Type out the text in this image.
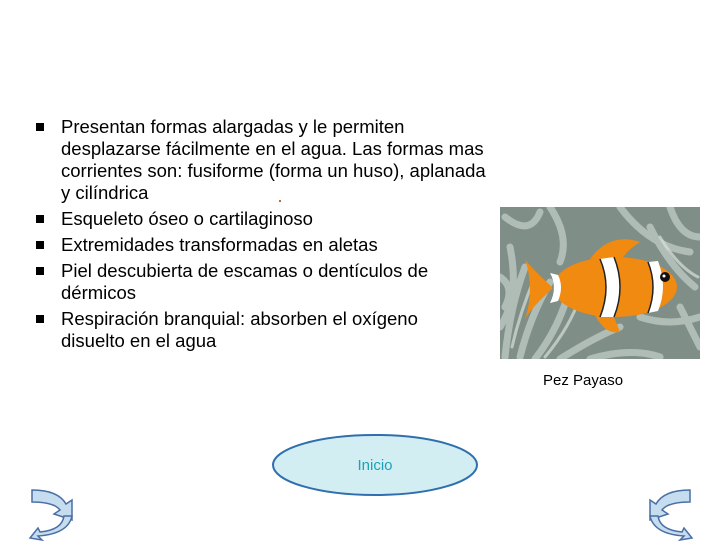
Presentan formas alargadas y le permiten desplazarse fácilmente en el agua. Las formas mas corrientes son: fusiforme (forma un huso), aplanada y cilíndrica
Esqueleto óseo o cartilaginoso
Extremidades transformadas en aletas
Piel descubierta de escamas o dentículos de dérmicos
Respiración branquial: absorben el oxígeno disuelto en el agua
Pez Payaso
Inicio
